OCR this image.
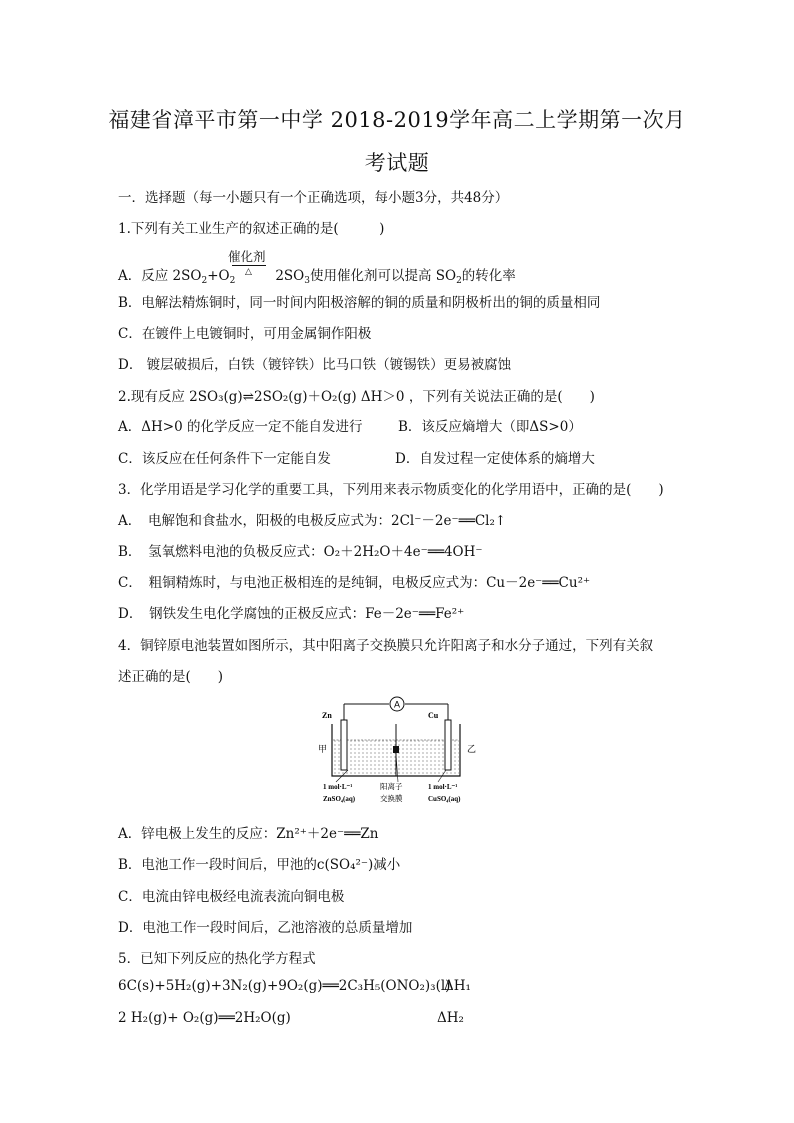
福建省漳平市第一中学 2018-2019学年高二上学期第一次月
考试题
一．选择题（每一小题只有一个正确选项，每小题3分，共48分）
1.下列有关工业生产的叙述正确的是(　　　)
催化剂
△
A．反应 $2SO_2+O_2$	$2SO_3$使用催化剂可以提高 $SO_2$的转化率
B．电解法精炼铜时，同一时间内阳极溶解的铜的质量和阴极析出的铜的质量相同
C．在镀件上电镀铜时，可用金属铜作阳极
D． 镀层破损后，白铁（镀锌铁）比马口铁（镀锡铁）更易被腐蚀
2.现有反应 2SO₃(g)⇌2SO₂(g)＋O₂(g) ΔH＞0 ，下列有关说法正确的是(　　)
A．ΔH>0 的化学反应一定不能自发进行	B．该反应熵增大（即ΔS>0）
C．该反应在任何条件下一定能自发	D．自发过程一定使体系的熵增大
3．化学用语是学习化学的重要工具，下列用来表示物质变化的化学用语中，正确的是(　　)
A．　电解饱和食盐水，阳极的电极反应式为：2Cl⁻－2e⁻══Cl₂↑
B．　氢氧燃料电池的负极反应式：O₂＋2H₂O＋4e⁻══4OH⁻
C．　粗铜精炼时，与电池正极相连的是纯铜，电极反应式为：Cu－2e⁻══Cu²⁺
D．　钢铁发生电化学腐蚀的正极反应式：Fe－2e⁻══Fe²⁺
4．铜锌原电池装置如图所示，其中阳离子交换膜只允许阳离子和水分子通过，下列有关叙
述正确的是(　　)
A
Zn	Cu
甲	乙
1 mol·L⁻¹
ZnSO₄(aq)
阳离子
交换膜
1 mol·L⁻¹
CuSO₄(aq)
A．锌电极上发生的反应：Zn²⁺＋2e⁻══Zn
B．电池工作一段时间后，甲池的c(SO₄²⁻)减小
C．电流由锌电极经电流表流向铜电极
D．电池工作一段时间后，乙池溶液的总质量增加
5．已知下列反应的热化学方程式
6C(s)+5H₂(g)+3N₂(g)+9O₂(g)══2C₃H₅(ONO₂)₃(l)
ΔH₁
2 H₂(g)+ O₂(g)══2H₂O(g)	ΔH₂
